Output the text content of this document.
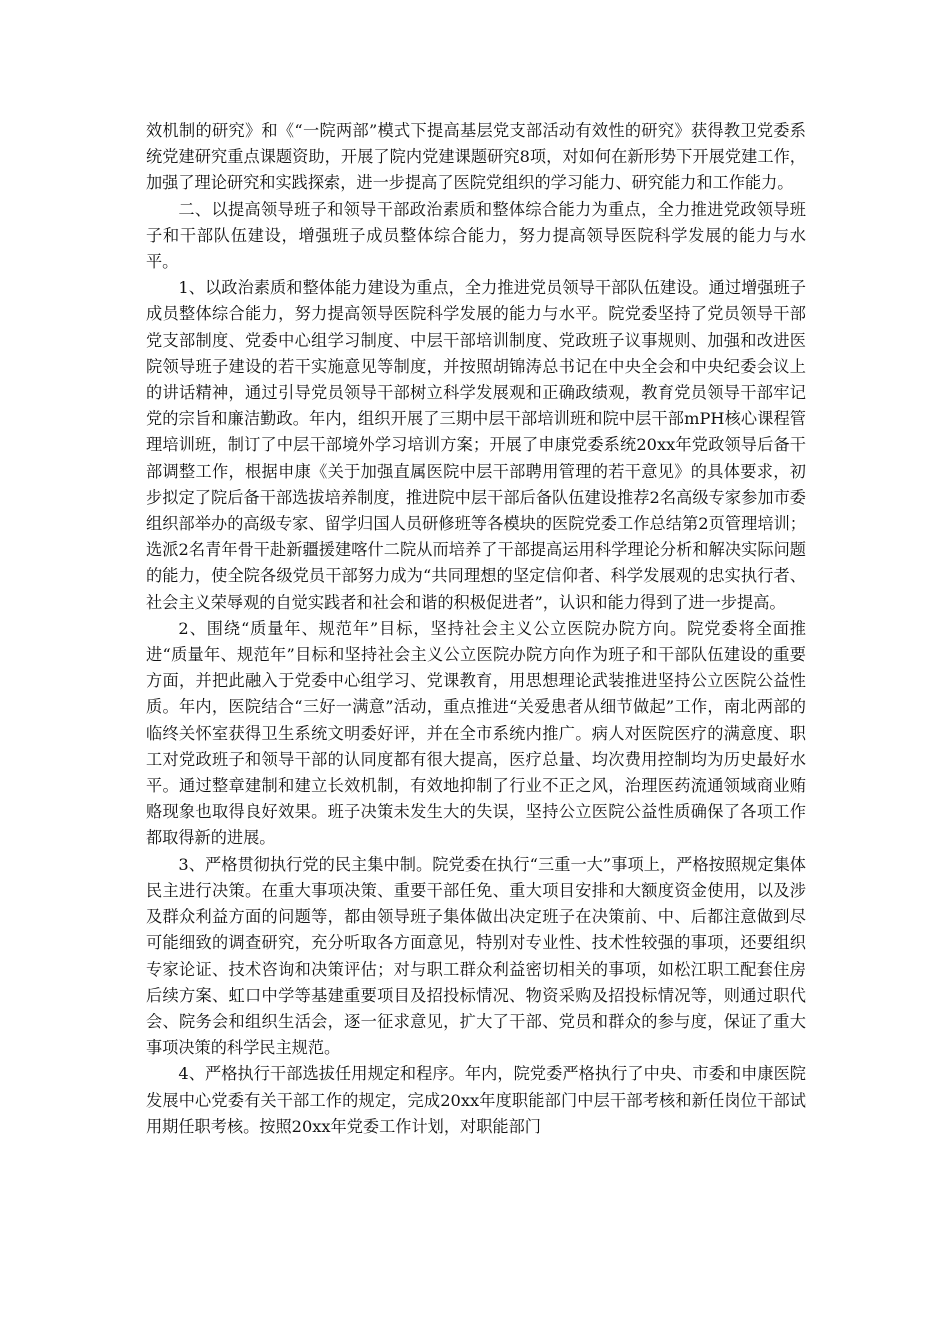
效机制的研究》和《“一院两部”模式下提高基层党支部活动有效性的研究》获得教卫党委系统党建研究重点课题资助，开展了院内党建课题研究8项，对如何在新形势下开展党建工作，加强了理论研究和实践探索，进一步提高了医院党组织的学习能力、研究能力和工作能力。

二、以提高领导班子和领导干部政治素质和整体综合能力为重点，全力推进党政领导班子和干部队伍建设，增强班子成员整体综合能力，努力提高领导医院科学发展的能力与水平。

1、以政治素质和整体能力建设为重点，全力推进党员领导干部队伍建设。通过增强班子成员整体综合能力，努力提高领导医院科学发展的能力与水平。院党委坚持了党员领导干部党支部制度、党委中心组学习制度、中层干部培训制度、党政班子议事规则、加强和改进医院领导班子建设的若干实施意见等制度，并按照胡锦涛总书记在中央全会和中央纪委会议上的讲话精神，通过引导党员领导干部树立科学发展观和正确政绩观，教育党员领导干部牢记党的宗旨和廉洁勤政。年内，组织开展了三期中层干部培训班和院中层干部mPH核心课程管理培训班，制订了中层干部境外学习培训方案；开展了申康党委系统20xx年党政领导后备干部调整工作，根据申康《关于加强直属医院中层干部聘用管理的若干意见》的具体要求，初步拟定了院后备干部选拔培养制度，推进院中层干部后备队伍建设推荐2名高级专家参加市委组织部举办的高级专家、留学归国人员研修班等各模块的医院党委工作总结第2页管理培训；选派2名青年骨干赴新疆援建喀什二院从而培养了干部提高运用科学理论分析和解决实际问题的能力，使全院各级党员干部努力成为“共同理想的坚定信仰者、科学发展观的忠实执行者、社会主义荣辱观的自觉实践者和社会和谐的积极促进者”，认识和能力得到了进一步提高。

2、围绕“质量年、规范年”目标，坚持社会主义公立医院办院方向。院党委将全面推进“质量年、规范年”目标和坚持社会主义公立医院办院方向作为班子和干部队伍建设的重要方面，并把此融入于党委中心组学习、党课教育，用思想理论武装推进坚持公立医院公益性质。年内，医院结合“三好一满意”活动，重点推进“关爱患者从细节做起”工作，南北两部的临终关怀室获得卫生系统文明委好评，并在全市系统内推广。病人对医院医疗的满意度、职工对党政班子和领导干部的认同度都有很大提高，医疗总量、均次费用控制均为历史最好水平。通过整章建制和建立长效机制，有效地抑制了行业不正之风，治理医药流通领域商业贿赂现象也取得良好效果。班子决策未发生大的失误，坚持公立医院公益性质确保了各项工作都取得新的进展。

3、严格贯彻执行党的民主集中制。院党委在执行“三重一大”事项上，严格按照规定集体民主进行决策。在重大事项决策、重要干部任免、重大项目安排和大额度资金使用，以及涉及群众利益方面的问题等，都由领导班子集体做出决定班子在决策前、中、后都注意做到尽可能细致的调查研究，充分听取各方面意见，特别对专业性、技术性较强的事项，还要组织专家论证、技术咨询和决策评估；对与职工群众利益密切相关的事项，如松江职工配套住房后续方案、虹口中学等基建重要项目及招投标情况、物资采购及招投标情况等，则通过职代会、院务会和组织生活会，逐一征求意见，扩大了干部、党员和群众的参与度，保证了重大事项决策的科学民主规范。

4、严格执行干部选拔任用规定和程序。年内，院党委严格执行了中央、市委和申康医院发展中心党委有关干部工作的规定，完成20xx年度职能部门中层干部考核和新任岗位干部试用期任职考核。按照20xx年党委工作计划，对职能部门
